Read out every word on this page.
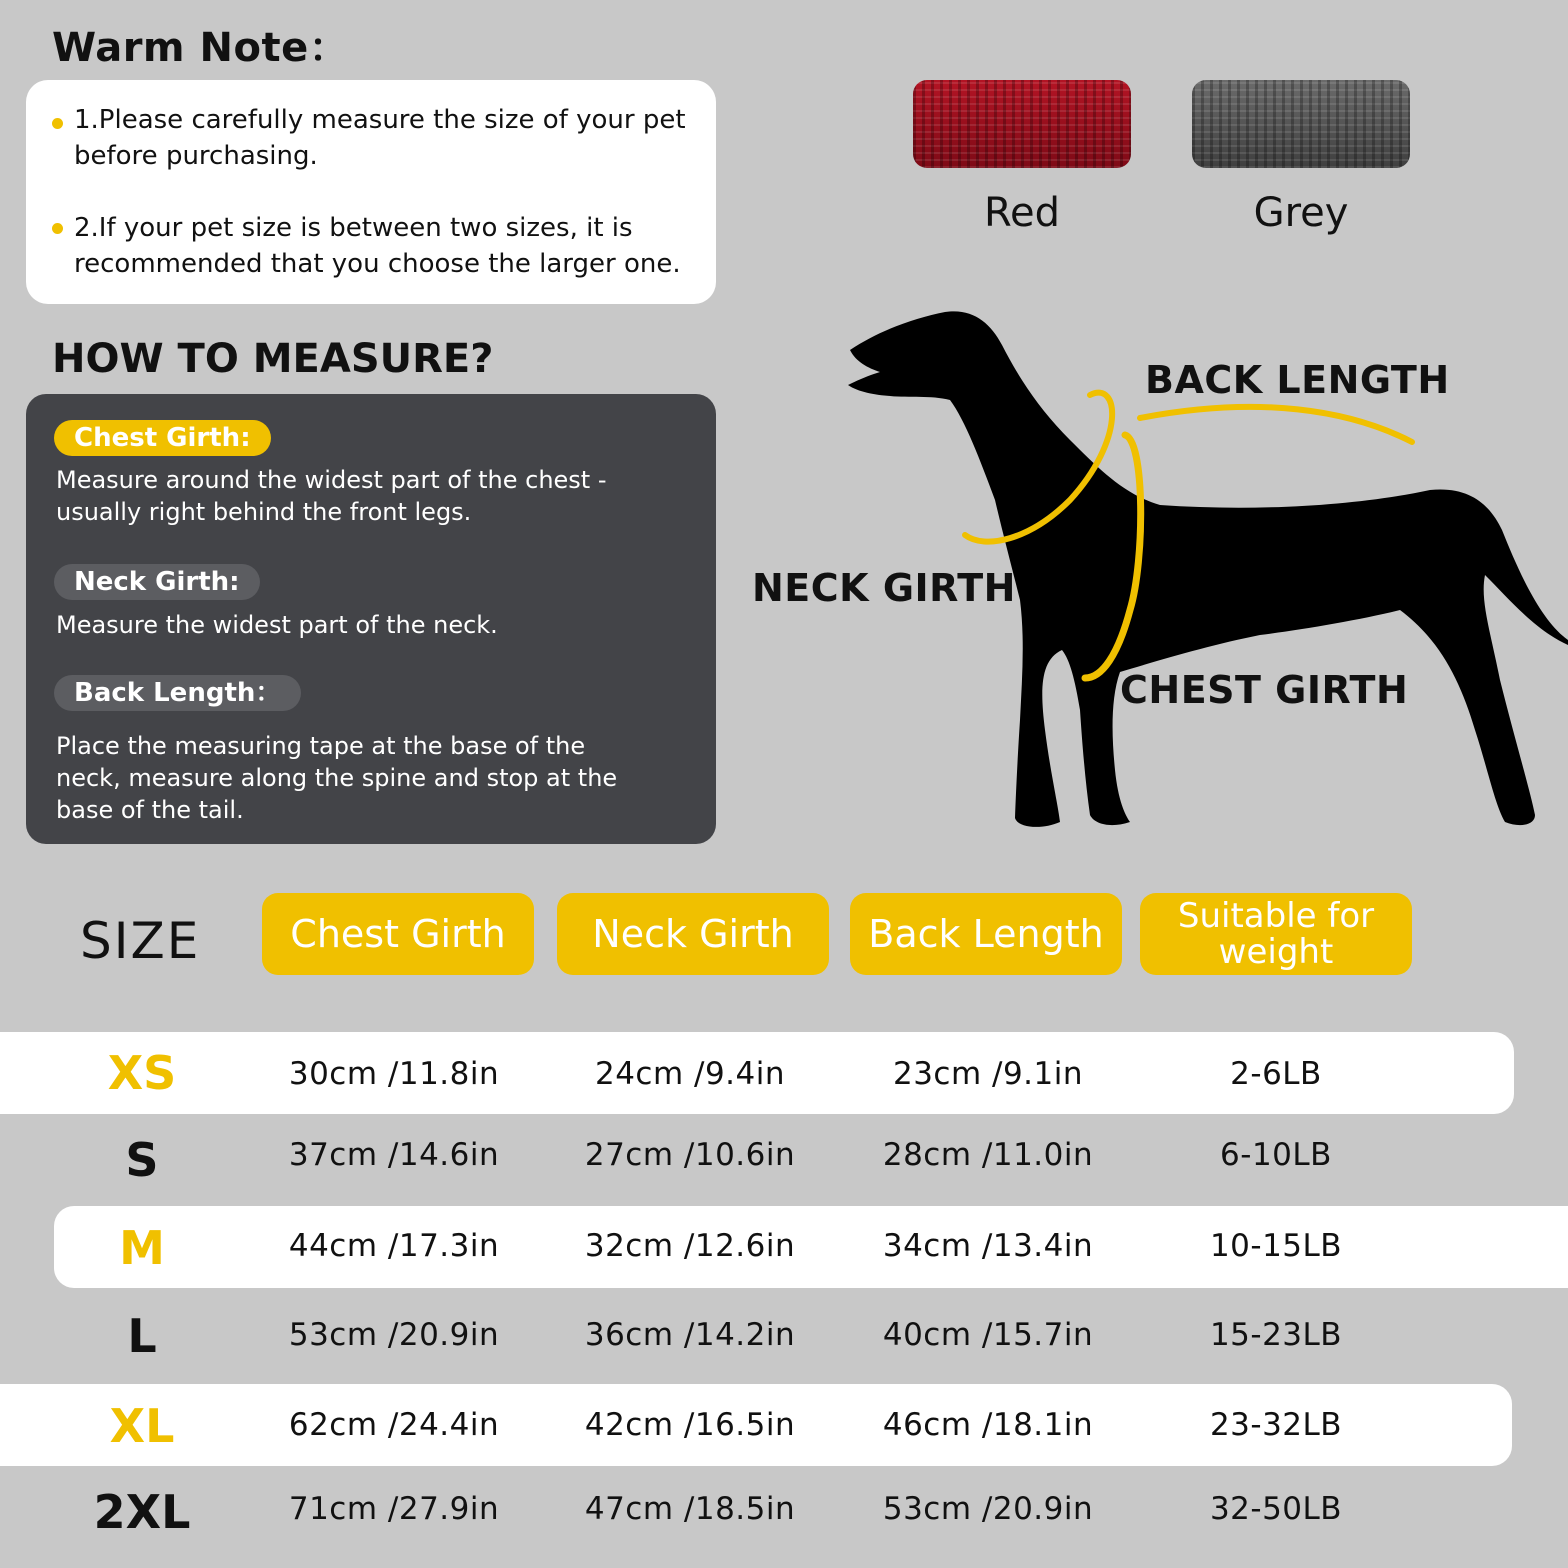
Warm Note：
1.Please carefully measure the size of your pet before purchasing.
2.If your pet size is between two sizes, it is recommended that you choose the larger one.
Red	Grey
HOW TO MEASURE?
Chest Girth:
Measure around the widest part of the chest - usually right behind the front legs.
Neck Girth:
Measure the widest part of the neck.
Back Length：
Place the measuring tape at the base of the neck, measure along the spine and stop at the base of the tail.
BACK LENGTH
NECK GIRTH
CHEST GIRTH
SIZE	Chest Girth	Neck Girth	Back Length	Suitable for weight
XS	30cm /11.8in	24cm /9.4in	23cm /9.1in	2-6LB
S	37cm /14.6in	27cm /10.6in	28cm /11.0in	6-10LB
M	44cm /17.3in	32cm /12.6in	34cm /13.4in	10-15LB
L	53cm /20.9in	36cm /14.2in	40cm /15.7in	15-23LB
XL	62cm /24.4in	42cm /16.5in	46cm /18.1in	23-32LB
2XL	71cm /27.9in	47cm /18.5in	53cm /20.9in	32-50LB
